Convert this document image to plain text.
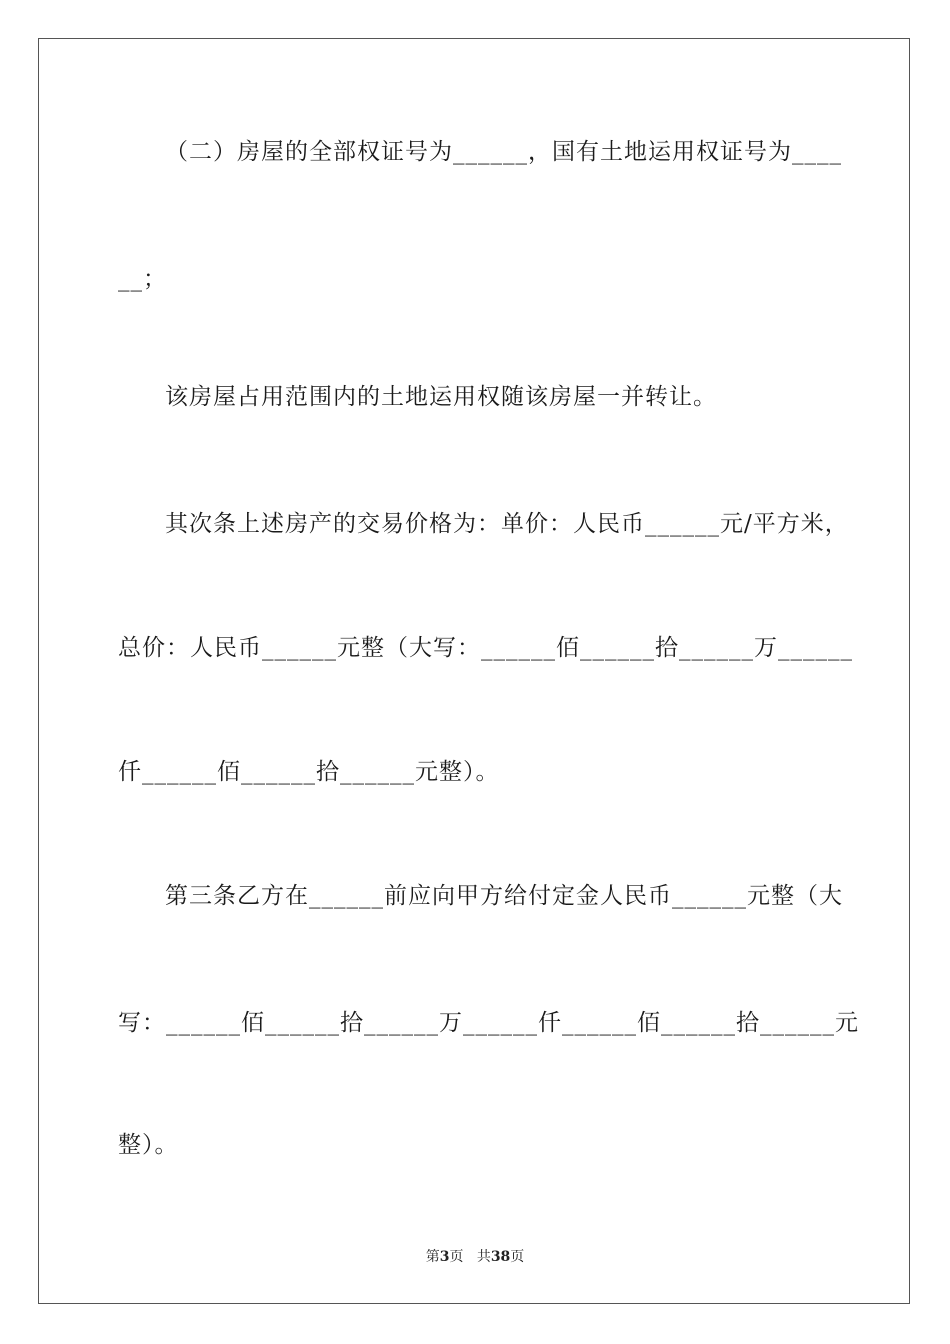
（二）房屋的全部权证号为______，国有土地运用权证号为____
__；
该房屋占用范围内的土地运用权随该房屋一并转让。
其次条上述房产的交易价格为：单价：人民币______元/平方米，
总价：人民币______元整（大写：______佰______拾______万______
仟______佰______拾______元整）。
第三条乙方在______前应向甲方给付定金人民币______元整（大
写：______佰______拾______万______仟______佰______拾______元
整）。
第3页 共38页
